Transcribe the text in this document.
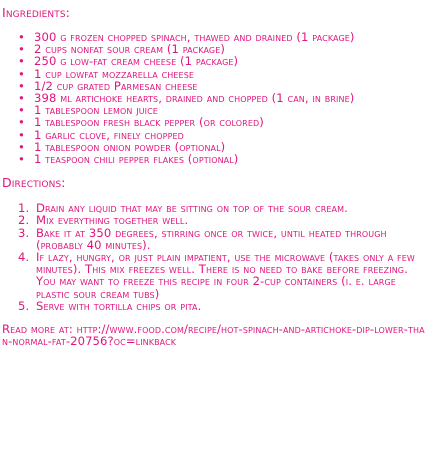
Ingredients:
• 300 g frozen chopped spinach, thawed and drained (1 package)
• 2 cups nonfat sour cream (1 package)
• 250 g low-fat cream cheese (1 package)
• 1 cup lowfat mozzarella cheese
• 1/2 cup grated Parmesan cheese
• 398 ml artichoke hearts, drained and chopped (1 can, in brine)
• 1 tablespoon lemon juice
• 1 tablespoon fresh black pepper (or colored)
• 1 garlic clove, finely chopped
• 1 tablespoon onion powder (optional)
• 1 teaspoon chili pepper flakes (optional)
Directions:
1. Drain any liquid that may be sitting on top of the sour cream.
2. Mix everything together well.
3. Bake it at 350 degrees, stirring once or twice, until heated through (probably 40 minutes).
4. If lazy, hungry, or just plain impatient, use the microwave (takes only a few minutes). This mix freezes well. There is no need to bake before freezing. You may want to freeze this recipe in four 2-cup containers (i. e. large plastic sour cream tubs)
5. Serve with tortilla chips or pita.
Read more at: http://www.food.com/recipe/hot-spinach-and-artichoke-dip-lower-than-normal-fat-20756?oc=linkback
